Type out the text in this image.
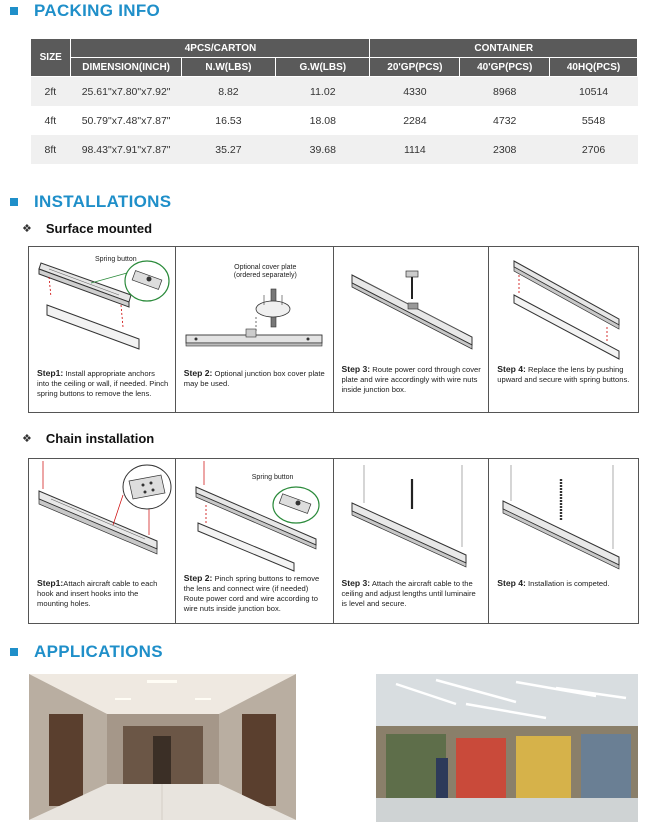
PACKING INFO
SIZE	4PCS/CARTON			CONTAINER		
	DIMENSION(INCH)	N.W(LBS)	G.W(LBS)	20'GP(PCS)	40'GP(PCS)	40HQ(PCS)
2ft	25.61"x7.80"x7.92"	8.82	11.02	4330	8968	10514
4ft	50.79"x7.48"x7.87"	16.53	18.08	2284	4732	5548
8ft	98.43"x7.91"x7.87"	35.27	39.68	1114	2308	2706
INSTALLATIONS
❖ Surface mounted
Spring button
Step1: Install appropriate anchors into the ceiling or wall, if needed. Pinch spring buttons to remove the lens.
Optional cover plate
(ordered separately)
Step 2: Optional junction box cover plate may be used.
Step 3: Route power cord through cover plate and wire accordingly with wire nuts inside junction box.
Step 4: Replace the lens by pushing upward and secure with spring buttons.
❖ Chain installation
Step1:Attach aircraft cable to each hook and insert hooks into the mounting holes.
Spring button
Step 2: Pinch spring buttons to remove the lens and connect wire (if needed) Route power cord and wire according to wire nuts inside junction box.
Step 3: Attach the aircraft cable to the ceiling and adjust lengths until luminaire is level and secure.
Step 4: Installation is competed.
APPLICATIONS
